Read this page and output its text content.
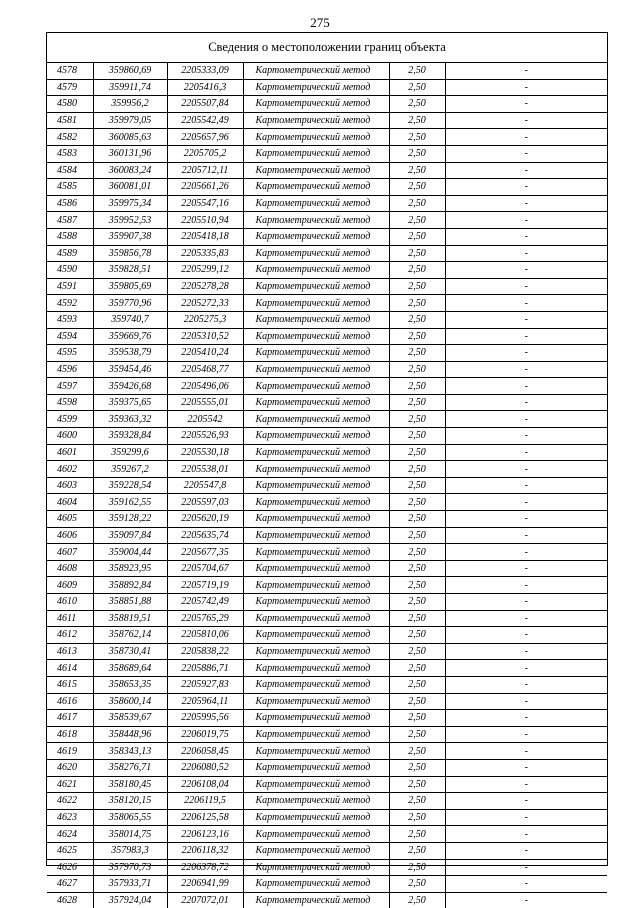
275
Сведения о местоположении границ объекта
4578	359860,69	2205333,09	Картометрический метод	2,50	-
4579	359911,74	2205416,3	Картометрический метод	2,50	-
4580	359956,2	2205507,84	Картометрический метод	2,50	-
4581	359979,05	2205542,49	Картометрический метод	2,50	-
4582	360085,63	2205657,96	Картометрический метод	2,50	-
4583	360131,96	2205705,2	Картометрический метод	2,50	-
4584	360083,24	2205712,11	Картометрический метод	2,50	-
4585	360081,01	2205661,26	Картометрический метод	2,50	-
4586	359975,34	2205547,16	Картометрический метод	2,50	-
4587	359952,53	2205510,94	Картометрический метод	2,50	-
4588	359907,38	2205418,18	Картометрический метод	2,50	-
4589	359856,78	2205335,83	Картометрический метод	2,50	-
4590	359828,51	2205299,12	Картометрический метод	2,50	-
4591	359805,69	2205278,28	Картометрический метод	2,50	-
4592	359770,96	2205272,33	Картометрический метод	2,50	-
4593	359740,7	2205275,3	Картометрический метод	2,50	-
4594	359669,76	2205310,52	Картометрический метод	2,50	-
4595	359538,79	2205410,24	Картометрический метод	2,50	-
4596	359454,46	2205468,77	Картометрический метод	2,50	-
4597	359426,68	2205496,06	Картометрический метод	2,50	-
4598	359375,65	2205555,01	Картометрический метод	2,50	-
4599	359363,32	2205542	Картометрический метод	2,50	-
4600	359328,84	2205526,93	Картометрический метод	2,50	-
4601	359299,6	2205530,18	Картометрический метод	2,50	-
4602	359267,2	2205538,01	Картометрический метод	2,50	-
4603	359228,54	2205547,8	Картометрический метод	2,50	-
4604	359162,55	2205597,03	Картометрический метод	2,50	-
4605	359128,22	2205620,19	Картометрический метод	2,50	-
4606	359097,84	2205635,74	Картометрический метод	2,50	-
4607	359004,44	2205677,35	Картометрический метод	2,50	-
4608	358923,95	2205704,67	Картометрический метод	2,50	-
4609	358892,84	2205719,19	Картометрический метод	2,50	-
4610	358851,88	2205742,49	Картометрический метод	2,50	-
4611	358819,51	2205765,29	Картометрический метод	2,50	-
4612	358762,14	2205810,06	Картометрический метод	2,50	-
4613	358730,41	2205838,22	Картометрический метод	2,50	-
4614	358689,64	2205886,71	Картометрический метод	2,50	-
4615	358653,35	2205927,83	Картометрический метод	2,50	-
4616	358600,14	2205964,11	Картометрический метод	2,50	-
4617	358539,67	2205995,56	Картометрический метод	2,50	-
4618	358448,96	2206019,75	Картометрический метод	2,50	-
4619	358343,13	2206058,45	Картометрический метод	2,50	-
4620	358276,71	2206080,52	Картометрический метод	2,50	-
4621	358180,45	2206108,04	Картометрический метод	2,50	-
4622	358120,15	2206119,5	Картометрический метод	2,50	-
4623	358065,55	2206125,58	Картометрический метод	2,50	-
4624	358014,75	2206123,16	Картометрический метод	2,50	-
4625	357983,3	2206118,32	Картометрический метод	2,50	-
4626	357970,73	2206378,72	Картометрический метод	2,50	-
4627	357933,71	2206941,99	Картометрический метод	2,50	-
4628	357924,04	2207072,01	Картометрический метод	2,50	-
